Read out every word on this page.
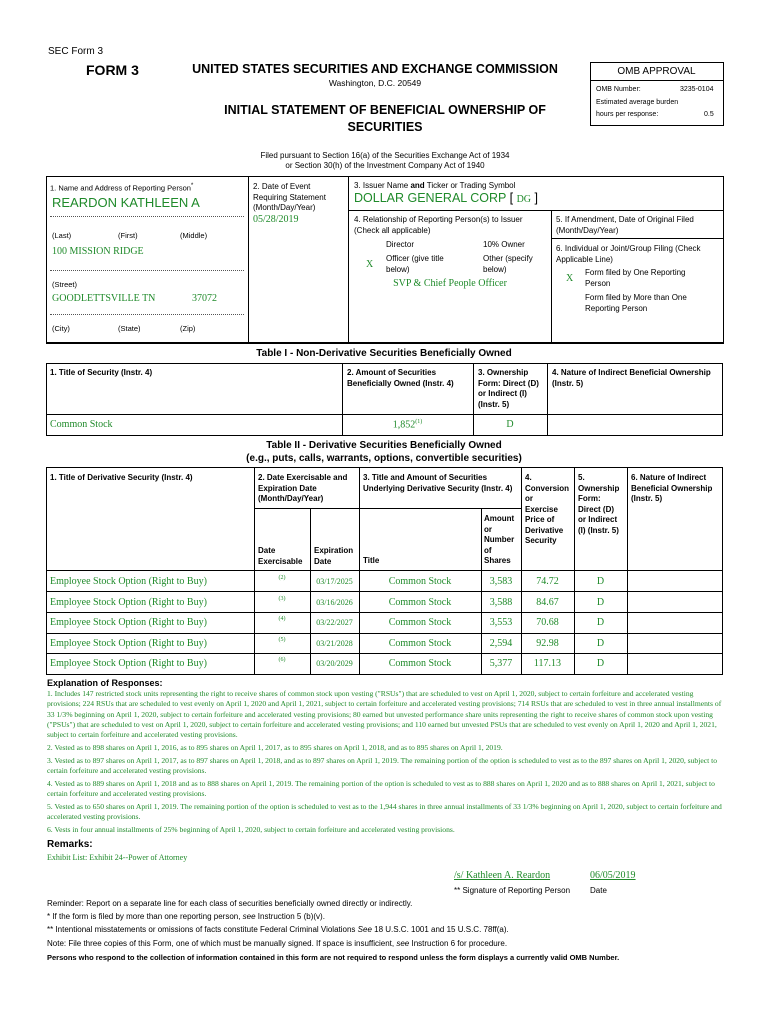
SEC Form 3
FORM 3	UNITED STATES SECURITIES AND EXCHANGE COMMISSION
Washington, D.C. 20549
INITIAL STATEMENT OF BENEFICIAL OWNERSHIP OF
SECURITIES
Filed pursuant to Section 16(a) of the Securities Exchange Act of 1934
or Section 30(h) of the Investment Company Act of 1940
OMB APPROVAL
OMB Number:	3235-0104
Estimated average burden
hours per response:	0.5
1. Name and Address of Reporting Person*
REARDON KATHLEEN A
(Last)	(First)	(Middle)
100 MISSION RIDGE
(Street)
GOODLETTSVILLE TN	37072
(City)	(State)	(Zip)
2. Date of Event
Requiring Statement
(Month/Day/Year)
05/28/2019
3. Issuer Name and Ticker or Trading Symbol
DOLLAR GENERAL CORP [ DG ]
4. Relationship of Reporting Person(s) to Issuer
(Check all applicable)
Director	10% Owner
X
Officer (give title
below)
Other (specify
below)
SVP & Chief People Officer
5. If Amendment, Date of Original Filed
(Month/Day/Year)
6. Individual or Joint/Group Filing (Check
Applicable Line)
X
Form filed by One Reporting
Person
Form filed by More than One
Reporting Person
Table I - Non-Derivative Securities Beneficially Owned
1. Title of Security (Instr. 4)	2. Amount of Securities
Beneficially Owned (Instr. 4)
3. Ownership
Form: Direct (D)
or Indirect (I)
(Instr. 5)
4. Nature of Indirect Beneficial Ownership
(Instr. 5)
Common Stock	1,852$^{(1)}$	D
Table II - Derivative Securities Beneficially Owned
(e.g., puts, calls, warrants, options, convertible securities)
1. Title of Derivative Security (Instr. 4)	2. Date Exercisable and
Expiration Date
(Month/Day/Year)
3. Title and Amount of Securities
Underlying Derivative Security (Instr. 4)
4.
Conversion
or
Exercise
Price of
Derivative
Security
5.
Ownership
Form:
Direct (D)
or Indirect
(I) (Instr. 5)
6. Nature of Indirect
Beneficial Ownership
(Instr. 5)
Date
Exercisable
Expiration
Date	Title
Amount
or
Number
of
Shares
Employee Stock Option (Right to Buy)	(2)	03/17/2025	Common Stock	3,583	74.72	D
Employee Stock Option (Right to Buy)	(3)	03/16/2026	Common Stock	3,588	84.67	D
Employee Stock Option (Right to Buy)	(4)	03/22/2027	Common Stock	3,553	70.68	D
Employee Stock Option (Right to Buy)	(5)	03/21/2028	Common Stock	2,594	92.98	D
Employee Stock Option (Right to Buy)	(6)	03/20/2029	Common Stock	5,377	117.13	D
Explanation of Responses:
1. Includes 147 restricted stock units representing the right to receive shares of common stock upon vesting ("RSUs") that are scheduled to vest on April 1, 2020, subject to certain forfeiture and accelerated vesting provisions; 224 RSUs that are scheduled to vest evenly on April 1, 2020 and April 1, 2021, subject to certain forfeiture and accelerated vesting provisions; 714 RSUs that are scheduled to vest in three annual installments of 33 1/3% beginning on April 1, 2020, subject to certain forfeiture and accelerated vesting provisions; 80 earned but unvested performance share units representing the right to receive shares of common stock upon vesting ("PSUs") that are scheduled to vest on April 1, 2020, subject to certain forfeiture and accelerated vesting provisions; and 110 earned but unvested PSUs that are scheduled to vest evenly on April 1, 2020 and April 1, 2021, subject to certain forfeiture and accelerated vesting provisions.
2. Vested as to 898 shares on April 1, 2016, as to 895 shares on April 1, 2017, as to 895 shares on April 1, 2018, and as to 895 shares on April 1, 2019.
3. Vested as to 897 shares on April 1, 2017, as to 897 shares on April 1, 2018, and as to 897 shares on April 1, 2019. The remaining portion of the option is scheduled to vest as to the 897 shares on April 1, 2020, subject to certain forfeiture and accelerated vesting provisions.
4. Vested as to 889 shares on April 1, 2018 and as to 888 shares on April 1, 2019. The remaining portion of the option is scheduled to vest as to 888 shares on April 1, 2020 and as to 888 shares on April 1, 2021, subject to certain forfeiture and accelerated vesting provisions.
5. Vested as to 650 shares on April 1, 2019. The remaining portion of the option is scheduled to vest as to the 1,944 shares in three annual installments of 33 1/3% beginning on April 1, 2020, subject to certain forfeiture and accelerated vesting provisions.
6. Vests in four annual installments of 25% beginning of April 1, 2020, subject to certain forfeiture and accelerated vesting provisions.
Remarks:
Exhibit List: Exhibit 24--Power of Attorney
/s/ Kathleen A. Reardon	06/05/2019
** Signature of Reporting Person Date
Reminder: Report on a separate line for each class of securities beneficially owned directly or indirectly.
* If the form is filed by more than one reporting person, see Instruction 5 (b)(v).
** Intentional misstatements or omissions of facts constitute Federal Criminal Violations See 18 U.S.C. 1001 and 15 U.S.C. 78ff(a).
Note: File three copies of this Form, one of which must be manually signed. If space is insufficient, see Instruction 6 for procedure.
Persons who respond to the collection of information contained in this form are not required to respond unless the form displays a currently valid OMB Number.
